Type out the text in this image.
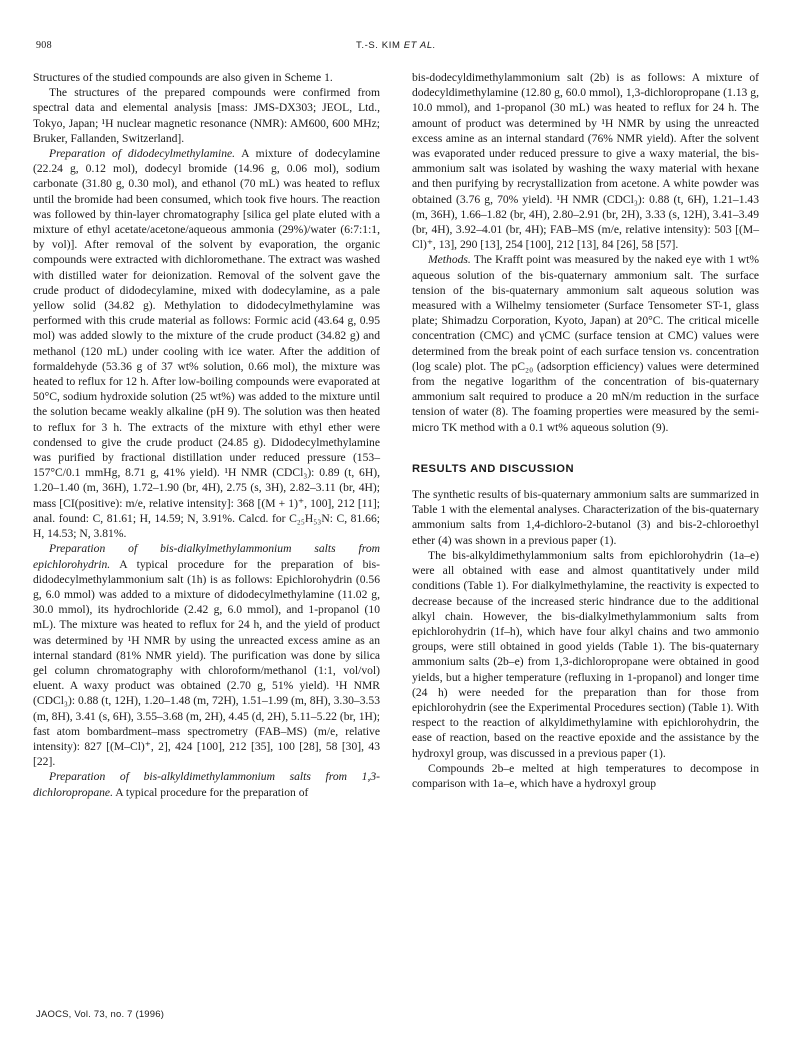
908	T.-S. KIM ET AL.

Structures of the studied compounds are also given in Scheme 1.

The structures of the prepared compounds were confirmed from spectral data and elemental analysis [mass: JMS-DX303; JEOL, Ltd., Tokyo, Japan; ¹H nuclear magnetic resonance (NMR): AM600, 600 MHz; Bruker, Fallanden, Switzerland].

Preparation of didodecylmethylamine. A mixture of dodecylamine (22.24 g, 0.12 mol), dodecyl bromide (14.96 g, 0.06 mol), sodium carbonate (31.80 g, 0.30 mol), and ethanol (70 mL) was heated to reflux until the bromide had been consumed, which took five hours. The reaction was followed by thin-layer chromatography [silica gel plate eluted with a mixture of ethyl acetate/acetone/aqueous ammonia (29%)/water (6:7:1:1, by vol)]. After removal of the solvent by evaporation, the organic compounds were extracted with dichloromethane. The extract was washed with distilled water for deionization. Removal of the solvent gave the crude product of didodecylamine, mixed with dodecylamine, as a pale yellow solid (34.82 g). Methylation to didodecylmethylamine was performed with this crude material as follows: Formic acid (43.64 g, 0.95 mol) was added slowly to the mixture of the crude product (34.82 g) and methanol (120 mL) under cooling with ice water. After the addition of formaldehyde (53.36 g of 37 wt% solution, 0.66 mol), the mixture was heated to reflux for 12 h. After low-boiling compounds were evaporated at 50°C, sodium hydroxide solution (25 wt%) was added to the mixture until the solution became weakly alkaline (pH 9). The solution was then heated to reflux for 3 h. The extracts of the mixture with ethyl ether were condensed to give the crude product (24.85 g). Didodecylmethylamine was purified by fractional distillation under reduced pressure (153–157°C/0.1 mmHg, 8.71 g, 41% yield). ¹H NMR (CDCl₃): 0.89 (t, 6H), 1.20–1.40 (m, 36H), 1.72–1.90 (br, 4H), 2.75 (s, 3H), 2.82–3.11 (br, 4H); mass [CI(positive): m/e, relative intensity]: 368 [(M + 1)⁺, 100], 212 [11]; anal. found: C, 81.61; H, 14.59; N, 3.91%. Calcd. for C₂₅H₅₃N: C, 81.66; H, 14.53; N, 3.81%.

Preparation of bis-dialkylmethylammonium salts from epichlorohydrin. A typical procedure for the preparation of bis-didodecylmethylammonium salt (1h) is as follows: Epichlorohydrin (0.56 g, 6.0 mmol) was added to a mixture of didodecylmethylamine (11.02 g, 30.0 mmol), its hydrochloride (2.42 g, 6.0 mmol), and 1-propanol (10 mL). The mixture was heated to reflux for 24 h, and the yield of product was determined by ¹H NMR by using the unreacted excess amine as an internal standard (81% NMR yield). The purification was done by silica gel column chromatography with chloroform/methanol (1:1, vol/vol) eluent. A waxy product was obtained (2.70 g, 51% yield). ¹H NMR (CDCl₃): 0.88 (t, 12H), 1.20–1.48 (m, 72H), 1.51–1.99 (m, 8H), 3.30–3.53 (m, 8H), 3.41 (s, 6H), 3.55–3.68 (m, 2H), 4.45 (d, 2H), 5.11–5.22 (br, 1H); fast atom bombardment–mass spectrometry (FAB–MS) (m/e, relative intensity): 827 [(M–Cl)⁺, 2], 424 [100], 212 [35], 100 [28], 58 [30], 43 [22].

Preparation of bis-alkyldimethylammonium salts from 1,3-dichloropropane. A typical procedure for the preparation of

bis-dodecyldimethylammonium salt (2b) is as follows: A mixture of dodecyldimethylamine (12.80 g, 60.0 mmol), 1,3-dichloropropane (1.13 g, 10.0 mmol), and 1-propanol (30 mL) was heated to reflux for 24 h. The amount of product was determined by ¹H NMR by using the unreacted excess amine as an internal standard (76% NMR yield). After the solvent was evaporated under reduced pressure to give a waxy material, the bis-ammonium salt was isolated by washing the waxy material with hexane and then purifying by recrystallization from acetone. A white powder was obtained (3.76 g, 70% yield). ¹H NMR (CDCl₃): 0.88 (t, 6H), 1.21–1.43 (m, 36H), 1.66–1.82 (br, 4H), 2.80–2.91 (br, 2H), 3.33 (s, 12H), 3.41–3.49 (br, 4H), 3.92–4.01 (br, 4H); FAB–MS (m/e, relative intensity): 503 [(M–Cl)⁺, 13], 290 [13], 254 [100], 212 [13], 84 [26], 58 [57].

Methods. The Krafft point was measured by the naked eye with 1 wt% aqueous solution of the bis-quaternary ammonium salt. The surface tension of the bis-quaternary ammonium salt aqueous solution was measured with a Wilhelmy tensiometer (Surface Tensometer ST-1, glass plate; Shimadzu Corporation, Kyoto, Japan) at 20°C. The critical micelle concentration (CMC) and γCMC (surface tension at CMC) values were determined from the break point of each surface tension vs. concentration (log scale) plot. The pC₂₀ (adsorption efficiency) values were determined from the negative logarithm of the concentration of bis-quaternary ammonium salt required to produce a 20 mN/m reduction in the surface tension of water (8). The foaming properties were measured by the semi-micro TK method with a 0.1 wt% aqueous solution (9).

RESULTS AND DISCUSSION

The synthetic results of bis-quaternary ammonium salts are summarized in Table 1 with the elemental analyses. Characterization of the bis-quaternary ammonium salts from 1,4-dichloro-2-butanol (3) and bis-2-chloroethyl ether (4) was shown in a previous paper (1).

The bis-alkyldimethylammonium salts from epichlorohydrin (1a–e) were all obtained with ease and almost quantitatively under mild conditions (Table 1). For dialkylmethylamine, the reactivity is expected to decrease because of the increased steric hindrance due to the additional alkyl chain. However, the bis-dialkylmethylammonium salts from epichlorohydrin (1f–h), which have four alkyl chains and two ammonio groups, were still obtained in good yields (Table 1). The bis-quaternary ammonium salts (2b–e) from 1,3-dichloropropane were obtained in good yields, but a higher temperature (refluxing in 1-propanol) and longer time (24 h) were needed for the preparation than for those from epichlorohydrin (see the Experimental Procedures section) (Table 1). With respect to the reaction of alkyldimethylamine with epichlorohydrin, the ease of reaction, based on the reactive epoxide and the assistance by the hydroxyl group, was discussed in a previous paper (1).

Compounds 2b–e melted at high temperatures to decompose in comparison with 1a–e, which have a hydroxyl group

JAOCS, Vol. 73, no. 7 (1996)
